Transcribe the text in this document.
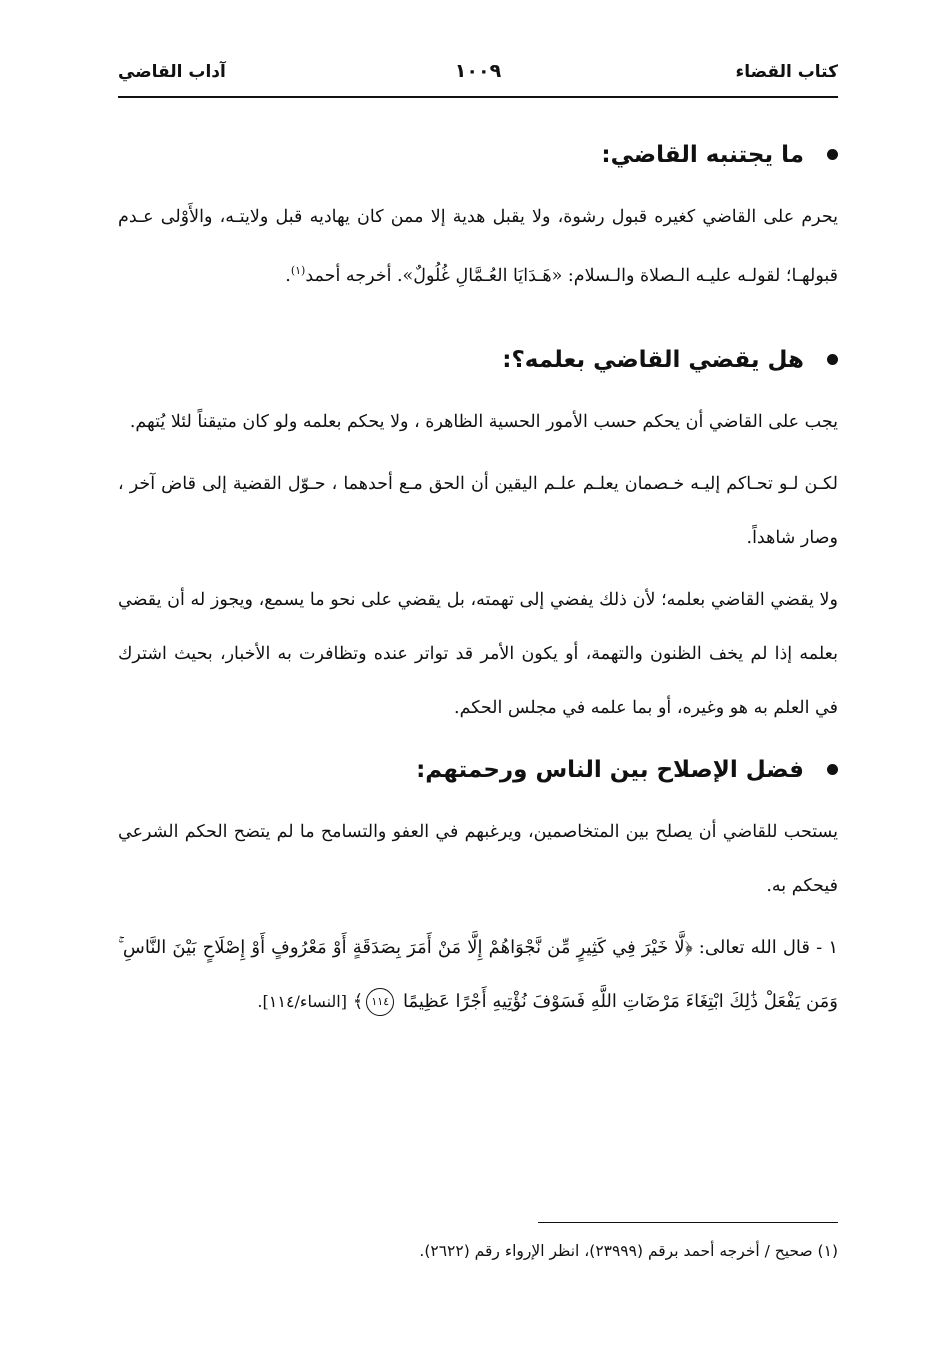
كتاب القضاء
١٠٠٩
آداب القاضي
ما يجتنبه القاضي:

يحرم على القاضي كغيره قبول رشوة، ولا يقبل هدية إلا ممن كان يهاديه قبل ولايتـه، والأَوْلى عـدم قبولهـا؛ لقولـه عليـه الـصلاة والـسلام: «هَـدَايَا العُـمَّالِ غُلُولٌ». أخرجه أحمد$^{(١)}$.

هل يقضي القاضي بعلمه؟:

يجب على القاضي أن يحكم حسب الأمور الحسية الظاهرة ، ولا يحكم بعلمه ولو كان متيقناً لئلا يُتهم.

لكـن لـو تحـاكم إليـه خـصمان يعلـم علـم اليقين أن الحق مـع أحدهما ، حـوّل القضية إلى قاض آخر ، وصار شاهداً.

ولا يقضي القاضي بعلمه؛ لأن ذلك يفضي إلى تهمته، بل يقضي على نحو ما يسمع، ويجوز له أن يقضي بعلمه إذا لم يخف الظنون والتهمة، أو يكون الأمر قد تواتر عنده وتظافرت به الأخبار، بحيث اشترك في العلم به هو وغيره، أو بما علمه في مجلس الحكم.

فضل الإصلاح بين الناس ورحمتهم:

يستحب للقاضي أن يصلح بين المتخاصمين، ويرغبهم في العفو والتسامح ما لم يتضح الحكم الشرعي فيحكم به.

١ - قال الله تعالى: ﴿لَّا خَيْرَ فِي كَثِيرٍ مِّن نَّجْوَاهُمْ إِلَّا مَنْ أَمَرَ بِصَدَقَةٍ أَوْ مَعْرُوفٍ أَوْ إِصْلَاحٍ بَيْنَ النَّاسِ ۚ وَمَن يَفْعَلْ ذَٰلِكَ ابْتِغَاءَ مَرْضَاتِ اللَّهِ فَسَوْفَ نُؤْتِيهِ أَجْرًا عَظِيمًا ١١٤﴾ [النساء/١١٤].

(١) صحيح / أخرجه أحمد برقم (٢٣٩٩٩)، انظر الإرواء رقم (٢٦٢٢).
